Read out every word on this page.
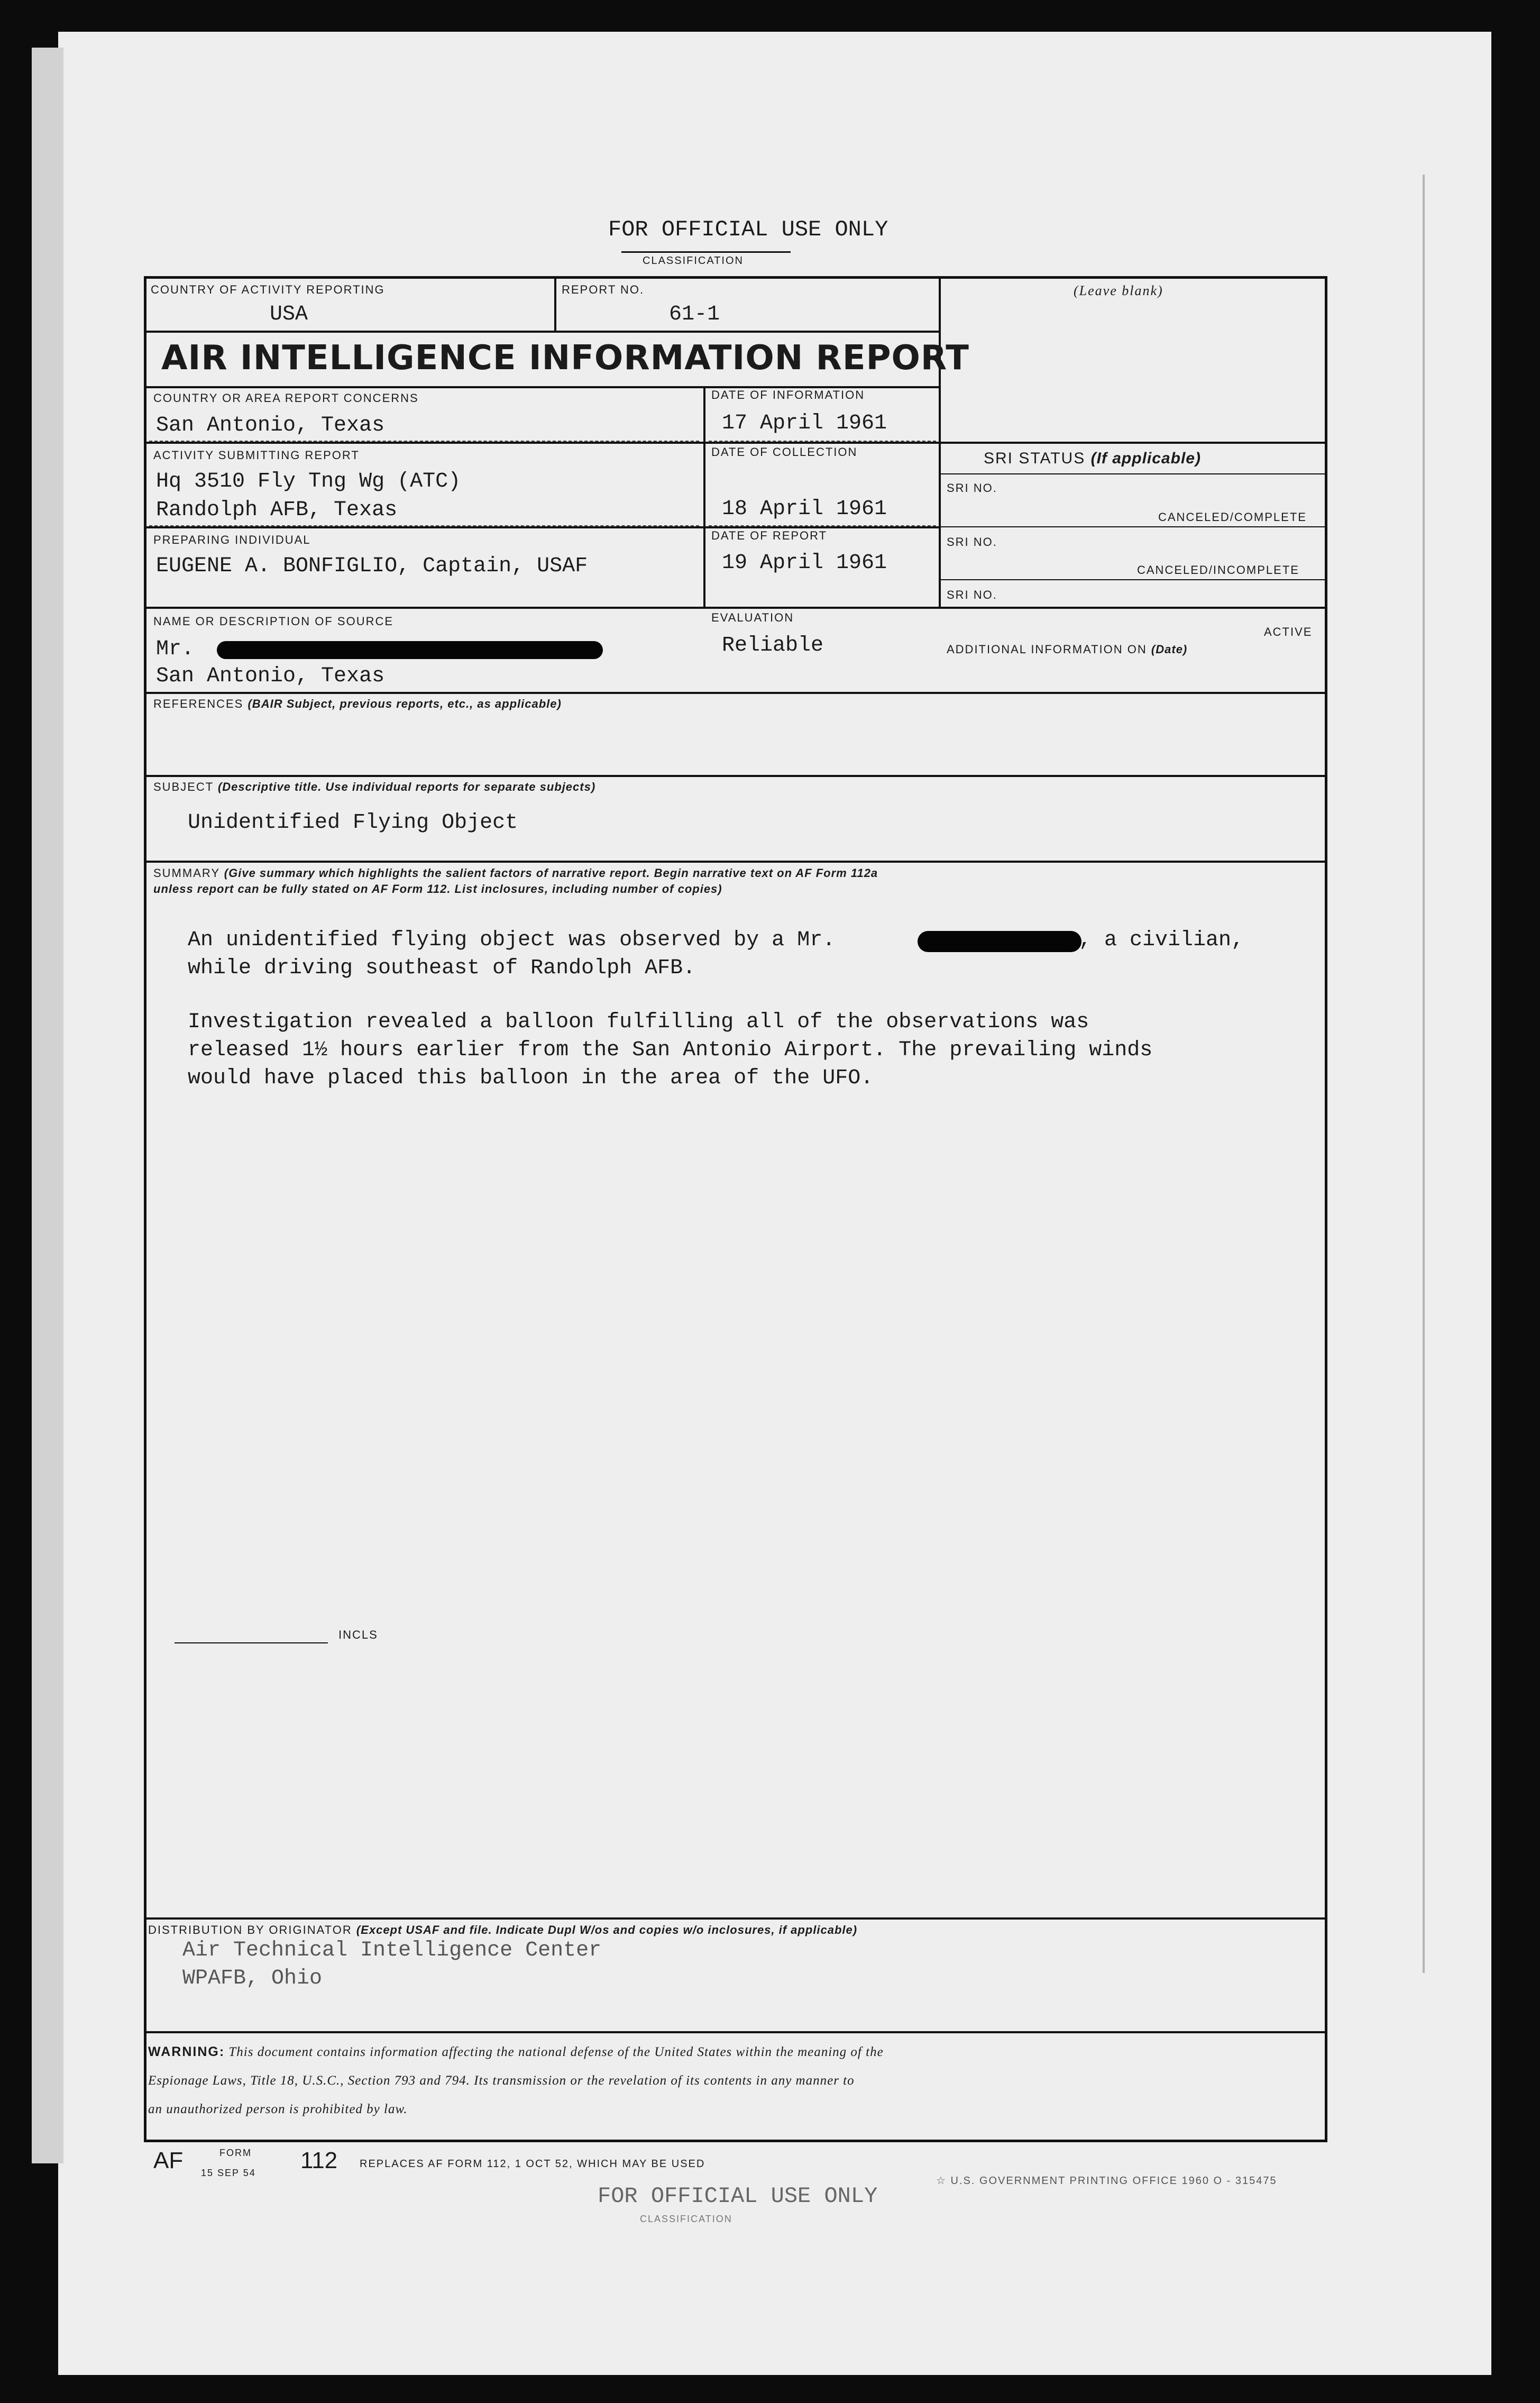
FOR OFFICIAL USE ONLY
CLASSIFICATION
COUNTRY OF ACTIVITY REPORTING
USA
REPORT NO.
61-1
(Leave blank)
AIR INTELLIGENCE INFORMATION REPORT
COUNTRY OR AREA REPORT CONCERNS
San Antonio, Texas
DATE OF INFORMATION
17 April 1961
ACTIVITY SUBMITTING REPORT
Hq 3510 Fly Tng Wg (ATC)
Randolph AFB, Texas
DATE OF COLLECTION
18 April 1961
PREPARING INDIVIDUAL
EUGENE A. BONFIGLIO, Captain, USAF
DATE OF REPORT
19 April 1961
NAME OR DESCRIPTION OF SOURCE
Mr.
San Antonio, Texas
EVALUATION
Reliable
SRI STATUS (If applicable)
SRI NO.
CANCELED/COMPLETE
SRI NO.
CANCELED/INCOMPLETE
SRI NO.
ACTIVE
ADDITIONAL INFORMATION ON (Date)
REFERENCES (BAIR Subject, previous reports, etc., as applicable)
SUBJECT (Descriptive title. Use individual reports for separate subjects)
Unidentified Flying Object
SUMMARY (Give summary which highlights the salient factors of narrative report. Begin narrative text on AF Form 112a
unless report can be fully stated on AF Form 112. List inclosures, including number of copies)
An unidentified flying object was observed by a Mr.	, a civilian,
while driving southeast of Randolph AFB.
Investigation revealed a balloon fulfilling all of the observations was
released 1½ hours earlier from the San Antonio Airport. The prevailing winds
would have placed this balloon in the area of the UFO.
INCLS
DISTRIBUTION BY ORIGINATOR (Except USAF and file. Indicate Dupl W/os and copies w/o inclosures, if applicable)
Air Technical Intelligence Center
WPAFB, Ohio
WARNING: This document contains information affecting the national defense of the United States within the meaning of the
Espionage Laws, Title 18, U.S.C., Section 793 and 794. Its transmission or the revelation of its contents in any manner to
an unauthorized person is prohibited by law.
AF	FORM
15 SEP 54 112 REPLACES AF FORM 112, 1 OCT 52, WHICH MAY BE USED
☆ U.S. GOVERNMENT PRINTING OFFICE 1960 O - 315475
FOR OFFICIAL USE ONLY
CLASSIFICATION
